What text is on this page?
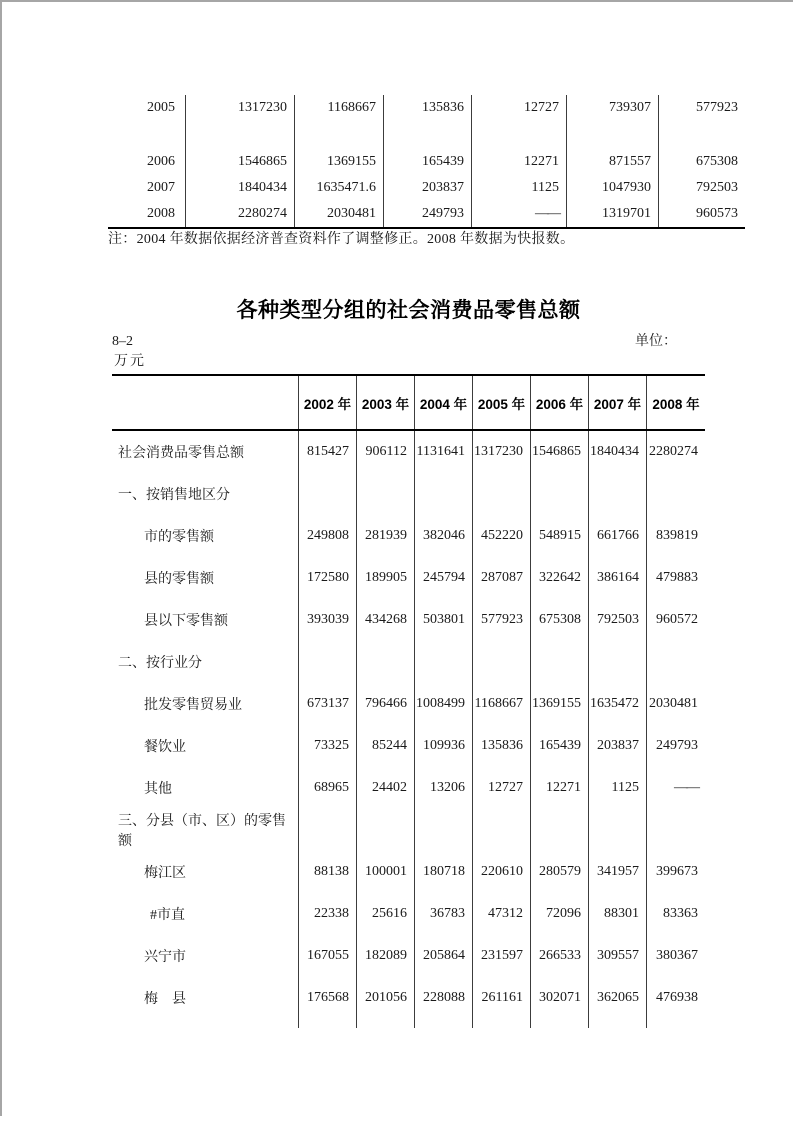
2005	1317230	1168667	135836	12727	739307	577923
2006	1546865	1369155	165439	12271	871557	675308
2007	1840434	1635471.6	203837	1125	1047930	792503
2008	2280274	2030481	249793	——	1319701	960573
注：2004 年数据依据经济普查资料作了调整修正。2008 年数据为快报数。
各种类型分组的社会消费品零售总额
8–2	单位：
万元
2002 年 2003 年 2004 年 2005 年 2006 年 2007 年 2008 年
社会消费品零售总额	815427	906112 1131641 1317230 1546865 1840434 2280274
一、按销售地区分
市的零售额	249808	281939	382046	452220	548915	661766	839819
县的零售额	172580	189905	245794	287087	322642	386164	479883
县以下零售额	393039	434268	503801	577923	675308	792503	960572
二、按行业分
批发零售贸易业	673137	796466 1008499 1168667 1369155 1635472 2030481
餐饮业	73325	85244	109936	135836	165439	203837	249793
其他	68965	24402	13206	12727	12271	1125	——
三、分县（市、区）的零售额
梅江区	88138	100001	180718	220610	280579	341957	399673
#市直	22338	25616	36783	47312	72096	88301	83363
兴宁市	167055	182089	205864	231597	266533	309557	380367
梅　县	176568	201056	228088	261161	302071	362065	476938
